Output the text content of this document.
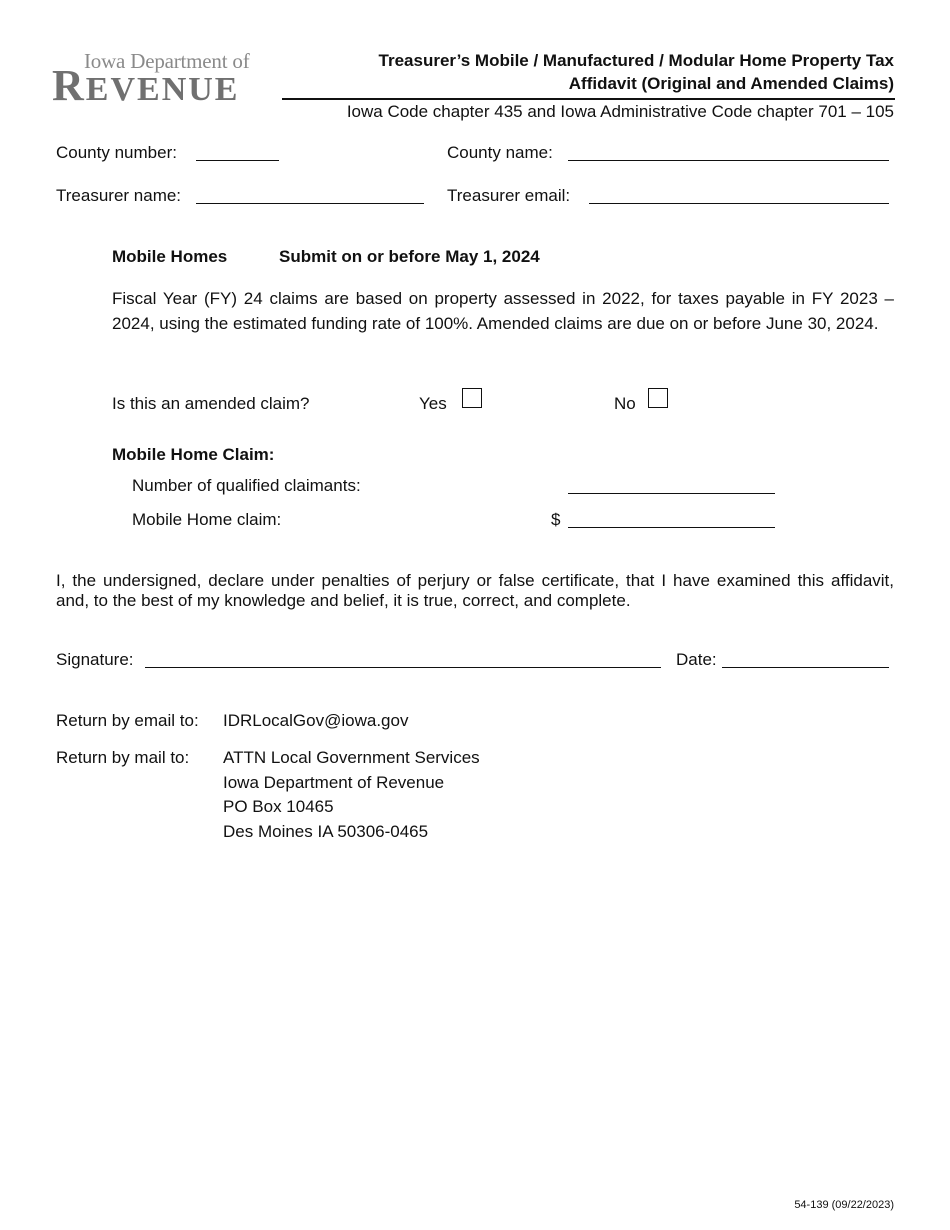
Iowa Department of
REVENUE
Treasurer’s Mobile / Manufactured / Modular Home Property Tax
Affidavit (Original and Amended Claims)
Iowa Code chapter 435 and Iowa Administrative Code chapter 701 – 105
County number:	County name:
Treasurer name:	Treasurer email:
Mobile Homes	Submit on or before May 1, 2024
Fiscal Year (FY) 24 claims are based on property assessed in 2022, for taxes payable in FY 2023 – 2024, using the estimated funding rate of 100%. Amended claims are due on or before June 30, 2024.
Is this an amended claim?	Yes	No
Mobile Home Claim:
Number of qualified claimants:
Mobile Home claim:	$
I, the undersigned, declare under penalties of perjury or false certificate, that I have examined this affidavit, and, to the best of my knowledge and belief, it is true, correct, and complete.
Signature:	Date:
Return by email to: IDRLocalGov@iowa.gov
Return by mail to: ATTN Local Government Services
Iowa Department of Revenue
PO Box 10465
Des Moines IA 50306-0465
54-139 (09/22/2023)
